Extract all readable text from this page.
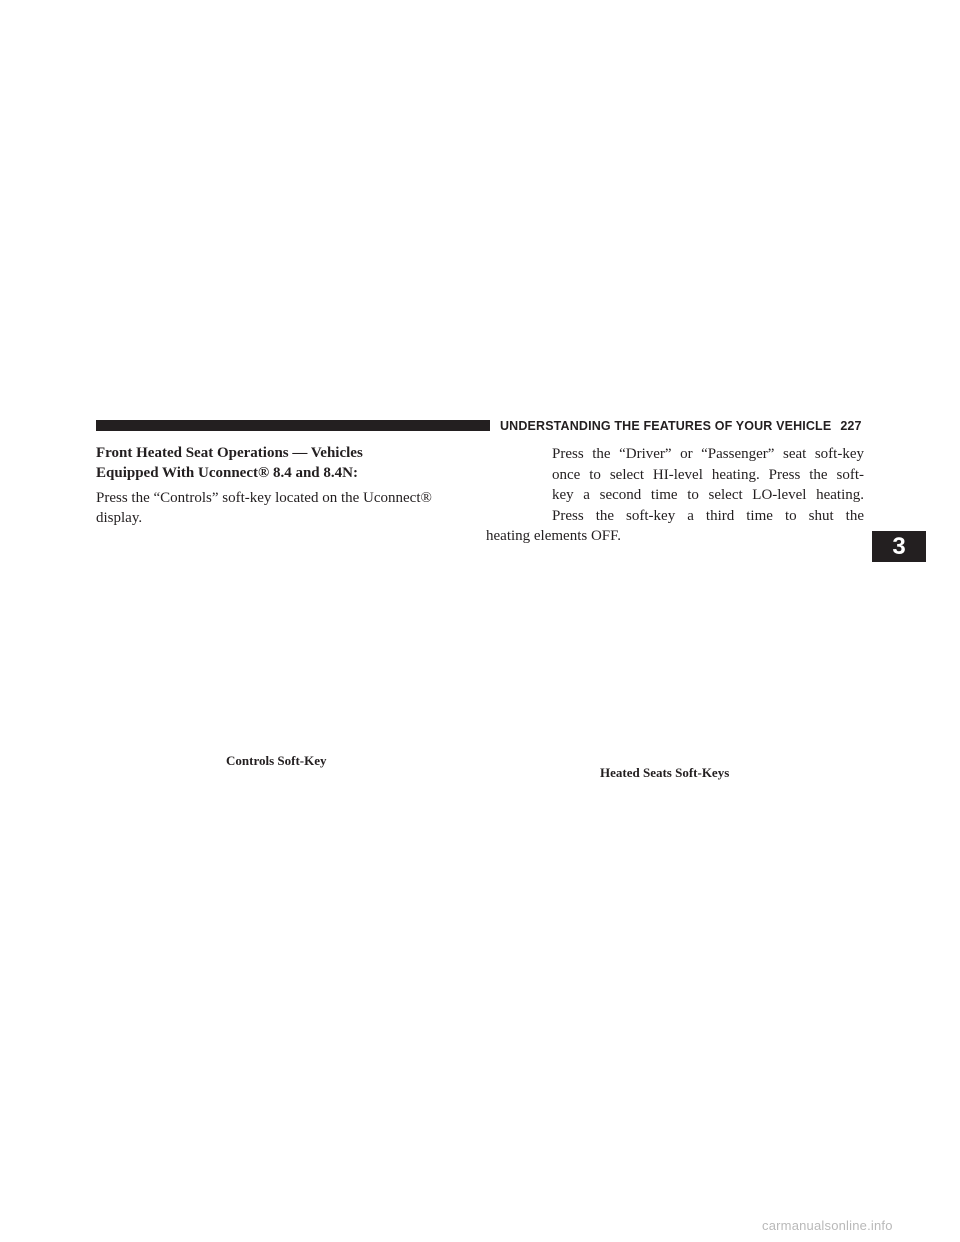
UNDERSTANDING THE FEATURES OF YOUR VEHICLE 227
Front Heated Seat Operations — Vehicles
Equipped With Uconnect® 8.4 and 8.4N:

Press the “Controls” soft-key located on the Uconnect®
display.

Press the “Driver” or “Passenger” seat soft-key
once to select HI-level heating. Press the soft-
key a second time to select LO-level heating.
Press the soft-key a third time to shut the
heating elements OFF.

Controls Soft-Key

Heated Seats Soft-Keys

3
carmanualsonline.info
